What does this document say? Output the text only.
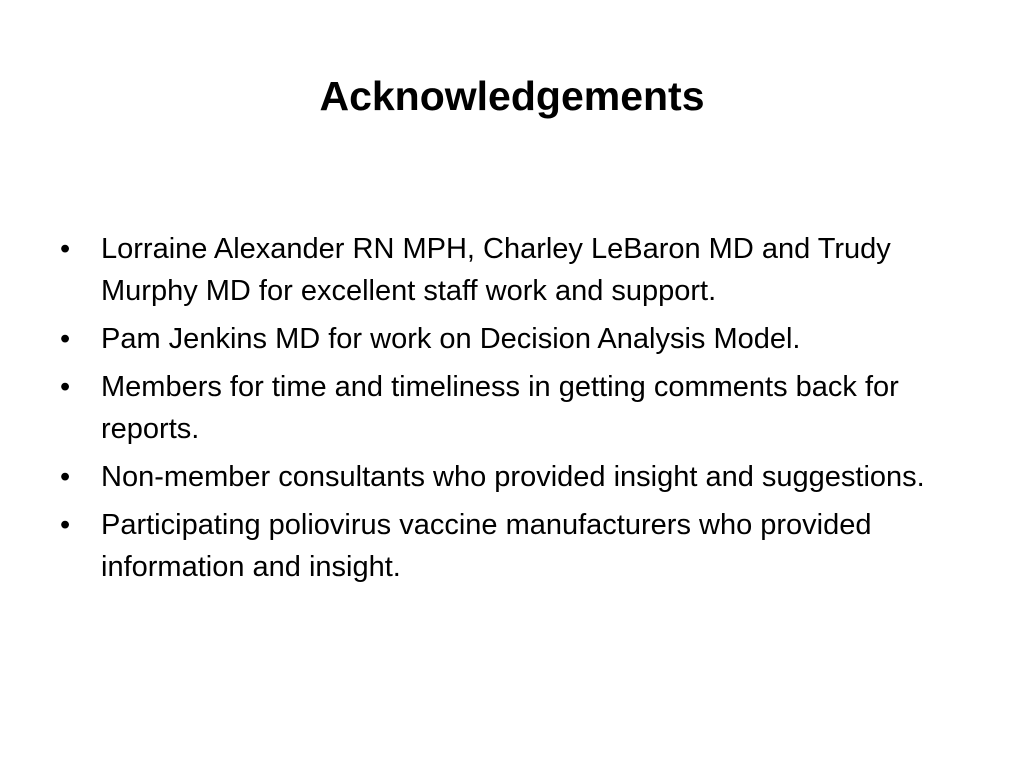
Acknowledgements
• Lorraine Alexander RN MPH, Charley LeBaron MD and Trudy Murphy MD for excellent staff work and support.
• Pam Jenkins MD for work on Decision Analysis Model.
• Members for time and timeliness in getting comments back for reports.
• Non-member consultants who provided insight and suggestions.
• Participating poliovirus vaccine manufacturers who provided information and insight.
